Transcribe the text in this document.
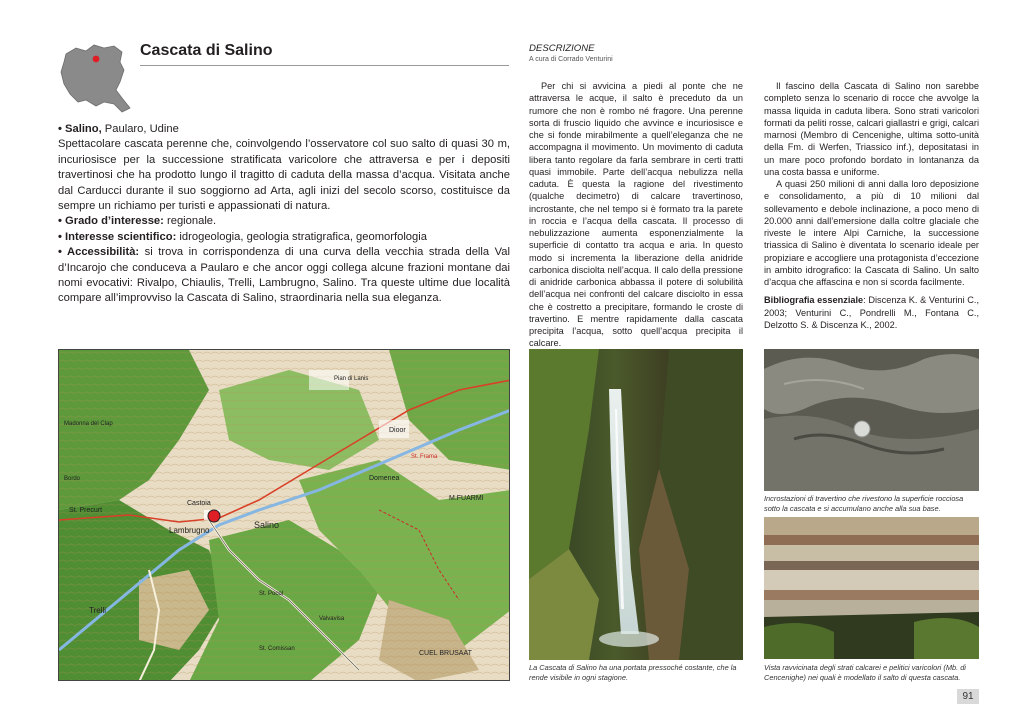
Cascata di Salino

• Salino, Paularo, Udine

Spettacolare cascata perenne che, coinvolgendo l’osservatore col suo salto di quasi 30 m, incuriosisce per la successione stratificata varicolore che attraversa e per i depositi travertinosi che ha prodotto lungo il tragitto di caduta della massa d’acqua. Visitata anche dal Carducci durante il suo soggiorno ad Arta, agli inizi del secolo scorso, costituisce da sempre un richiamo per turisti e appassionati di natura.

• Grado d’interesse: regionale.

• Interesse scientifico: idrogeologia, geologia stratigrafica, geomorfologia

• Accessibilità: si trova in corrispondenza di una curva della vecchia strada della Val d’Incarojo che conduceva a Paularo e che ancor oggi collega alcune frazioni montane dai nomi evocativi: Rivalpo, Chiaulis, Trelli, Lambrugno, Salino. Tra queste ultime due località compare all’improvviso la Cascata di Salino, straordinaria nella sua eleganza.

DESCRIZIONE
A cura di Corrado Venturini

Per chi si avvicina a piedi al ponte che ne attraversa le acque, il salto è preceduto da un rumore che non è rombo né fragore. Una perenne sorta di fruscio liquido che avvince e incuriosisce e che si fonde mirabilmente a quell’eleganza che ne accompagna il movimento. Un movimento di caduta libera tanto regolare da farla sembrare in certi tratti quasi immobile. Parte dell’acqua nebulizza nella caduta. È questa la ragione del rivestimento (qualche decimetro) di calcare travertinoso, incrostante, che nel tempo si è formato tra la parete in roccia e l’acqua della cascata. Il processo di nebulizzazione aumenta esponenzialmente la superficie di contatto tra acqua e aria. In questo modo si incrementa la liberazione della anidride carbonica disciolta nell’acqua. Il calo della pressione di anidride carbonica abbassa il potere di solubilità dell’acqua nei confronti del calcare disciolto in essa che è costretto a precipitare, formando le croste di travertino. E mentre rapidamente dalla cascata precipita l’acqua, sotto quell’acqua precipita il calcare.

Il fascino della Cascata di Salino non sarebbe completo senza lo scenario di rocce che avvolge la massa liquida in caduta libera. Sono strati varicolori formati da peliti rosse, calcari giallastri e grigi, calcari marnosi (Membro di Cencenighe, ultima sotto-unità della Fm. di Werfen, Triassico inf.), depositatasi in un mare poco profondo bordato in lontananza da una costa bassa e uniforme.

A quasi 250 milioni di anni dalla loro deposizione e consolidamento, a più di 10 milioni dal sollevamento e debole inclinazione, a poco meno di 20.000 anni dall’emersione dalla coltre glaciale che riveste le intere Alpi Carniche, la successione triassica di Salino è diventata lo scenario ideale per propiziare e accogliere una protagonista d’eccezione in ambito idrografico: la Cascata di Salino. Un salto d’acqua che affascina e non si scorda facilmente.

Bibliografia essenziale: Discenza K. & Venturini C., 2003; Venturini C., Pondrelli M., Fontana C., Delzotto S. & Discenza K., 2002.

Castoia
Salino
Lambrugno
Trelli
Dioor
St. Frama
M.FUARMI
CUEL BRUSAAT
St. Precurt
Madonna del Clap
Domenea
Valvavisa
St. Pocol
St. Comissan
Pian di Lanis
Bordo
La Cascata di Salino ha una portata pressoché costante, che la rende visibile in ogni stagione.
Incrostazioni di travertino che rivestono la superficie rocciosa sotto la cascata e si accumulano anche alla sua base.
Vista ravvicinata degli strati calcarei e pelitici varicolori (Mb. di Cencenighe) nei quali è modellato il salto di questa cascata.
91
